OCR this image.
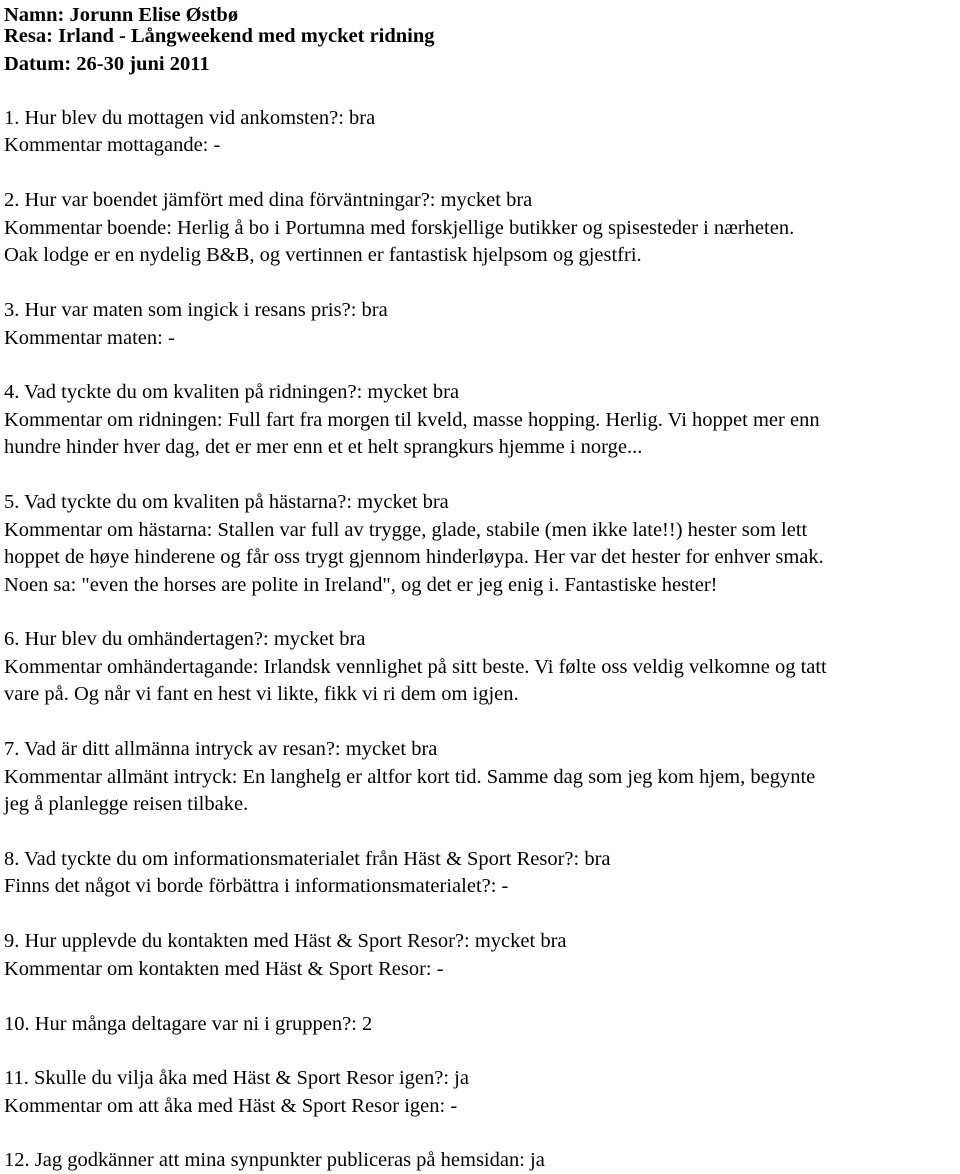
Namn: Jorunn Elise Østbø
Resa: Irland - Långweekend med mycket ridning
Datum: 26-30 juni 2011
1. Hur blev du mottagen vid ankomsten?: bra
Kommentar mottagande: -
2. Hur var boendet jämfört med dina förväntningar?: mycket bra
Kommentar boende: Herlig å bo i Portumna med forskjellige butikker og spisesteder i nærheten.
Oak lodge er en nydelig B&B, og vertinnen er fantastisk hjelpsom og gjestfri.
3. Hur var maten som ingick i resans pris?: bra
Kommentar maten: -
4. Vad tyckte du om kvaliten på ridningen?: mycket bra
Kommentar om ridningen: Full fart fra morgen til kveld, masse hopping. Herlig. Vi hoppet mer enn
hundre hinder hver dag, det er mer enn et et helt sprangkurs hjemme i norge...
5. Vad tyckte du om kvaliten på hästarna?: mycket bra
Kommentar om hästarna: Stallen var full av trygge, glade, stabile (men ikke late!!) hester som lett
hoppet de høye hinderene og får oss trygt gjennom hinderløypa. Her var det hester for enhver smak.
Noen sa: "even the horses are polite in Ireland", og det er jeg enig i. Fantastiske hester!
6. Hur blev du omhändertagen?: mycket bra
Kommentar omhändertagande: Irlandsk vennlighet på sitt beste. Vi følte oss veldig velkomne og tatt
vare på. Og når vi fant en hest vi likte, fikk vi ri dem om igjen.
7. Vad är ditt allmänna intryck av resan?: mycket bra
Kommentar allmänt intryck: En langhelg er altfor kort tid. Samme dag som jeg kom hjem, begynte
jeg å planlegge reisen tilbake.
8. Vad tyckte du om informationsmaterialet från Häst & Sport Resor?: bra
Finns det något vi borde förbättra i informationsmaterialet?: -
9. Hur upplevde du kontakten med Häst & Sport Resor?: mycket bra
Kommentar om kontakten med Häst & Sport Resor: -
10. Hur många deltagare var ni i gruppen?: 2
11. Skulle du vilja åka med Häst & Sport Resor igen?: ja
Kommentar om att åka med Häst & Sport Resor igen: -
12. Jag godkänner att mina synpunkter publiceras på hemsidan: ja
